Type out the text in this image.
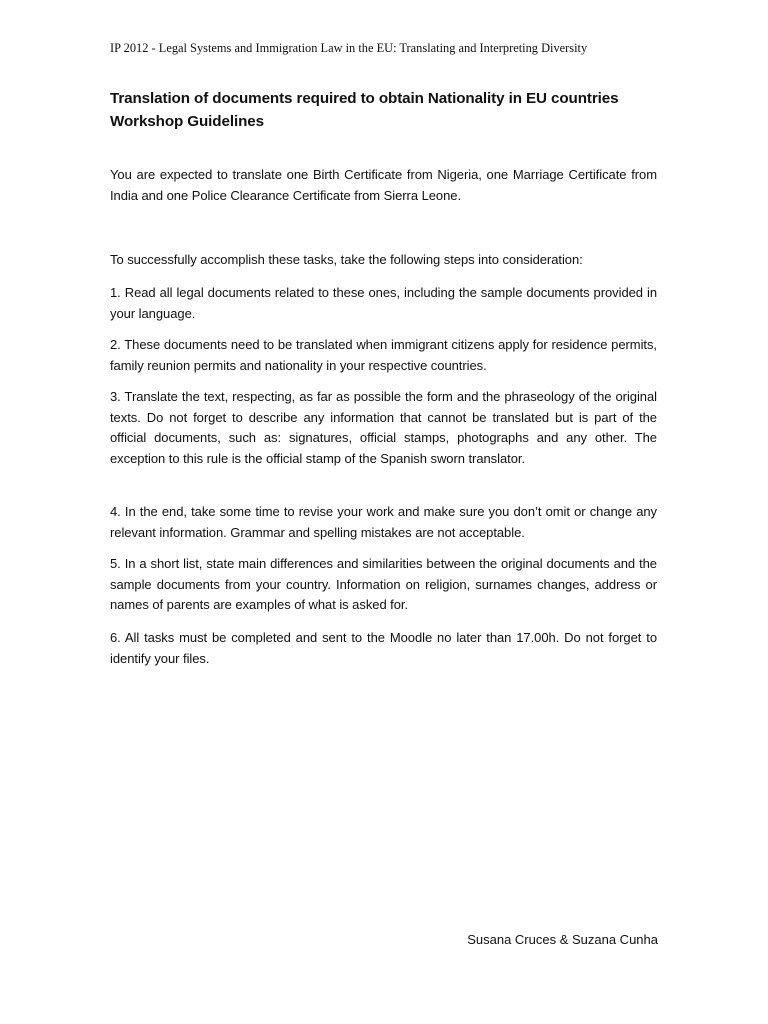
IP 2012 - Legal Systems and Immigration Law in the EU: Translating and Interpreting Diversity
Translation of documents required to obtain Nationality in EU countries
Workshop Guidelines

You are expected to translate one Birth Certificate from Nigeria, one Marriage Certificate from India and one Police Clearance Certificate from Sierra Leone.

To successfully accomplish these tasks, take the following steps into consideration:

1. Read all legal documents related to these ones, including the sample documents provided in your language.

2. These documents need to be translated when immigrant citizens apply for residence permits, family reunion permits and nationality in your respective countries.

3. Translate the text, respecting, as far as possible the form and the phraseology of the original texts. Do not forget to describe any information that cannot be translated but is part of the official documents, such as: signatures, official stamps, photographs and any other. The exception to this rule is the official stamp of the Spanish sworn translator.

4. In the end, take some time to revise your work and make sure you don’t omit or change any relevant information. Grammar and spelling mistakes are not acceptable.

5. In a short list, state main differences and similarities between the original documents and the sample documents from your country. Information on religion, surnames changes, address or names of parents are examples of what is asked for.

6. All tasks must be completed and sent to the Moodle no later than 17.00h. Do not forget to identify your files.

Susana Cruces & Suzana Cunha
